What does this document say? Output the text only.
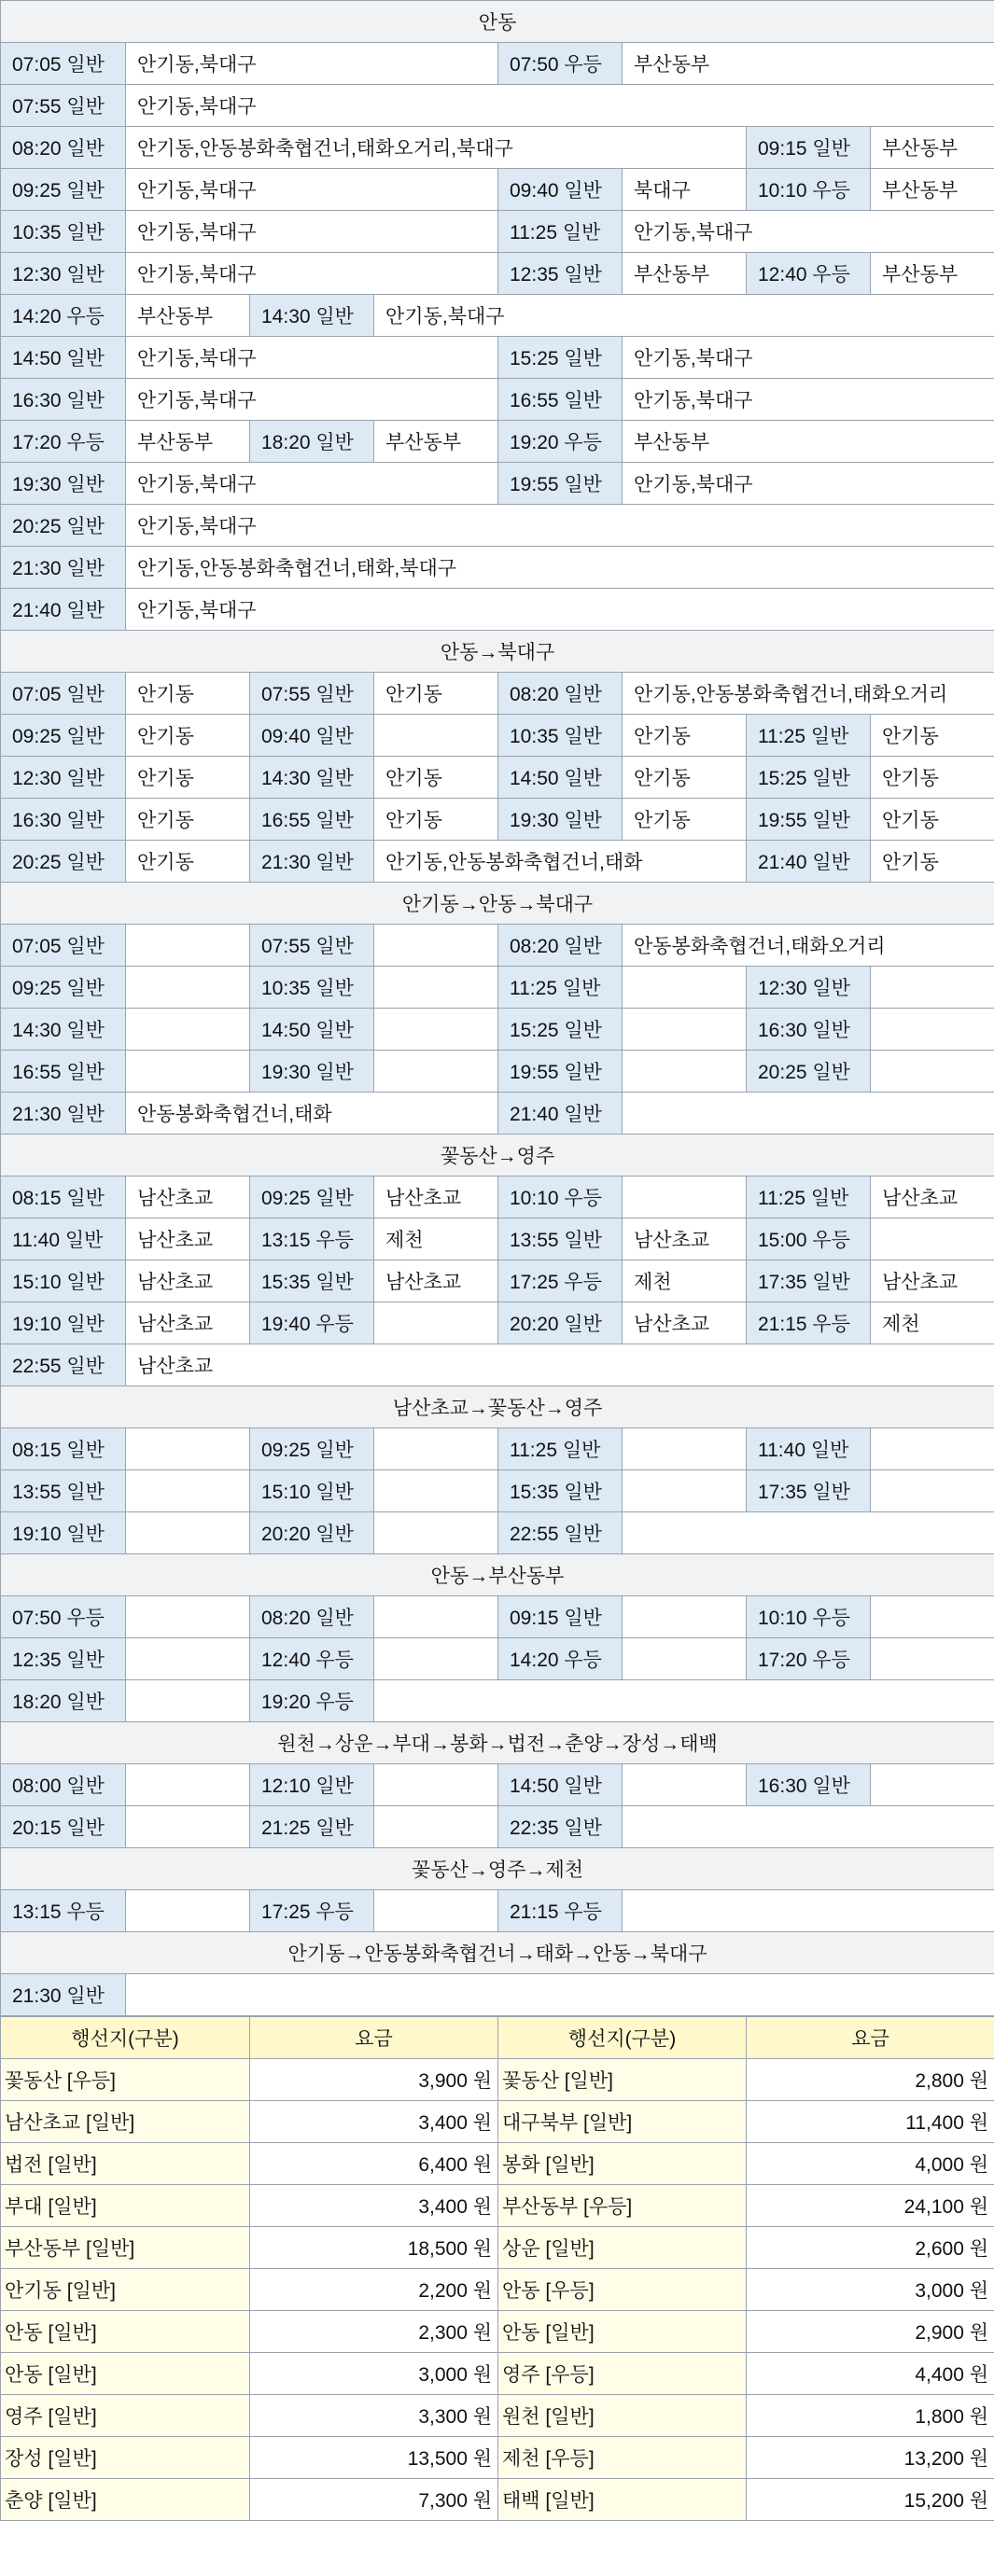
안동							
07:05 일반	안기동,북대구			07:50 우등	부산동부		
07:55 일반	안기동,북대구						
08:20 일반	안기동,안동봉화축협건너,태화오거리,북대구					09:15 일반	부산동부
09:25 일반	안기동,북대구			09:40 일반	북대구	10:10 우등	부산동부
10:35 일반	안기동,북대구			11:25 일반	안기동,북대구		
12:30 일반	안기동,북대구			12:35 일반	부산동부	12:40 우등	부산동부
14:20 우등	부산동부	14:30 일반	안기동,북대구				
14:50 일반	안기동,북대구			15:25 일반	안기동,북대구		
16:30 일반	안기동,북대구			16:55 일반	안기동,북대구		
17:20 우등	부산동부	18:20 일반	부산동부	19:20 우등	부산동부		
19:30 일반	안기동,북대구			19:55 일반	안기동,북대구		
20:25 일반	안기동,북대구						
21:30 일반	안기동,안동봉화축협건너,태화,북대구						
21:40 일반	안기동,북대구						
안동→북대구							
07:05 일반	안기동	07:55 일반	안기동	08:20 일반	안기동,안동봉화축협건너,태화오거리		
09:25 일반	안기동	09:40 일반		10:35 일반	안기동	11:25 일반	안기동
12:30 일반	안기동	14:30 일반	안기동	14:50 일반	안기동	15:25 일반	안기동
16:30 일반	안기동	16:55 일반	안기동	19:30 일반	안기동	19:55 일반	안기동
20:25 일반	안기동	21:30 일반	안기동,안동봉화축협건너,태화			21:40 일반	안기동
안기동→안동→북대구							
07:05 일반		07:55 일반		08:20 일반	안동봉화축협건너,태화오거리		
09:25 일반		10:35 일반		11:25 일반		12:30 일반	
14:30 일반		14:50 일반		15:25 일반		16:30 일반	
16:55 일반		19:30 일반		19:55 일반		20:25 일반	
21:30 일반	안동봉화축협건너,태화			21:40 일반			
꽃동산→영주							
08:15 일반	남산초교	09:25 일반	남산초교	10:10 우등		11:25 일반	남산초교
11:40 일반	남산초교	13:15 우등	제천	13:55 일반	남산초교	15:00 우등	
15:10 일반	남산초교	15:35 일반	남산초교	17:25 우등	제천	17:35 일반	남산초교
19:10 일반	남산초교	19:40 우등		20:20 일반	남산초교	21:15 우등	제천
22:55 일반	남산초교						
남산초교→꽃동산→영주							
08:15 일반		09:25 일반		11:25 일반		11:40 일반	
13:55 일반		15:10 일반		15:35 일반		17:35 일반	
19:10 일반		20:20 일반		22:55 일반			
안동→부산동부							
07:50 우등		08:20 일반		09:15 일반		10:10 우등	
12:35 일반		12:40 우등		14:20 우등		17:20 우등	
18:20 일반		19:20 우등					
원천→상운→부대→봉화→법전→춘양→장성→태백							
08:00 일반		12:10 일반		14:50 일반		16:30 일반	
20:15 일반		21:25 일반		22:35 일반			
꽃동산→영주→제천							
13:15 우등		17:25 우등		21:15 우등			
안기동→안동봉화축협건너→태화→안동→북대구							
21:30 일반							
행선지(구분)	요금	행선지(구분)	요금
꽃동산 [우등]	3,900 원	꽃동산 [일반]	2,800 원
남산초교 [일반]	3,400 원	대구북부 [일반]	11,400 원
법전 [일반]	6,400 원	봉화 [일반]	4,000 원
부대 [일반]	3,400 원	부산동부 [우등]	24,100 원
부산동부 [일반]	18,500 원	상운 [일반]	2,600 원
안기동 [일반]	2,200 원	안동 [우등]	3,000 원
안동 [일반]	2,300 원	안동 [일반]	2,900 원
안동 [일반]	3,000 원	영주 [우등]	4,400 원
영주 [일반]	3,300 원	원천 [일반]	1,800 원
장성 [일반]	13,500 원	제천 [우등]	13,200 원
춘양 [일반]	7,300 원	태백 [일반]	15,200 원
